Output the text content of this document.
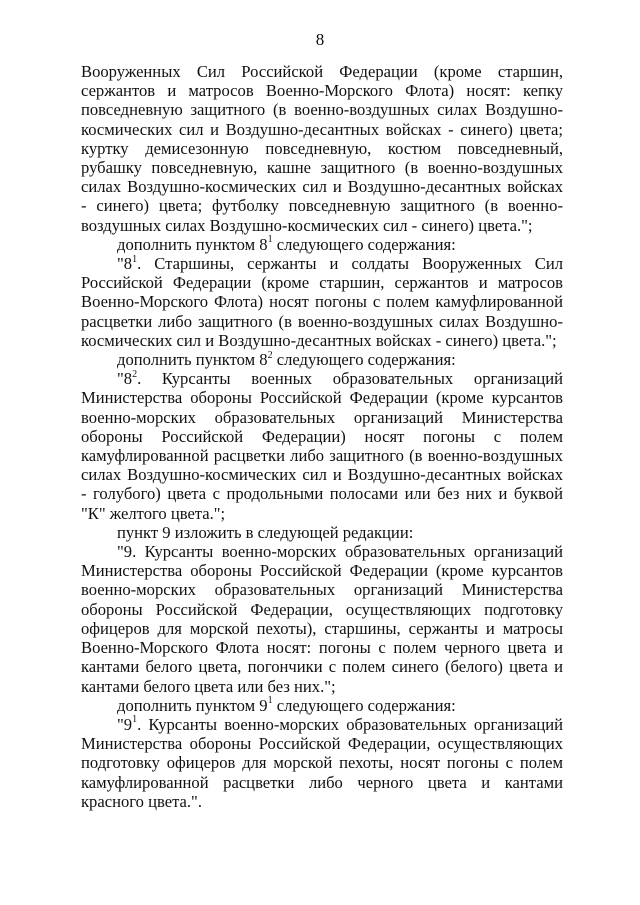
8

Вооруженных Сил Российской Федерации (кроме старшин, сержантов и матросов Военно-Морского Флота) носят: кепку повседневную защитного (в военно-воздушных силах Воздушно-космических сил и Воздушно-десантных войсках - синего) цвета; куртку демисезонную повседневную, костюм повседневный, рубашку повседневную, кашне защитного (в военно-воздушных силах Воздушно-космических сил и Воздушно-десантных войсках - синего) цвета; футболку повседневную защитного (в военно-воздушных силах Воздушно-космических сил - синего) цвета.";

дополнить пунктом $8^1$ следующего содержания:

"$8^1$. Старшины, сержанты и солдаты Вооруженных Сил Российской Федерации (кроме старшин, сержантов и матросов Военно-Морского Флота) носят погоны с полем камуфлированной расцветки либо защитного (в военно-воздушных силах Воздушно-космических сил и Воздушно-десантных войсках - синего) цвета.";

дополнить пунктом $8^2$ следующего содержания:

"$8^2$. Курсанты военных образовательных организаций Министерства обороны Российской Федерации (кроме курсантов военно-морских образовательных организаций Министерства обороны Российской Федерации) носят погоны с полем камуфлированной расцветки либо защитного (в военно-воздушных силах Воздушно-космических сил и Воздушно-десантных войсках - голубого) цвета с продольными полосами или без них и буквой "К" желтого цвета.";

пункт 9 изложить в следующей редакции:

"9. Курсанты военно-морских образовательных организаций Министерства обороны Российской Федерации (кроме курсантов военно-морских образовательных организаций Министерства обороны Российской Федерации, осуществляющих подготовку офицеров для морской пехоты), старшины, сержанты и матросы Военно-Морского Флота носят: погоны с полем черного цвета и кантами белого цвета, погончики с полем синего (белого) цвета и кантами белого цвета или без них.";

дополнить пунктом $9^1$ следующего содержания:

"$9^1$. Курсанты военно-морских образовательных организаций Министерства обороны Российской Федерации, осуществляющих подготовку офицеров для морской пехоты, носят погоны с полем камуфлированной расцветки либо черного цвета и кантами красного цвета.".
